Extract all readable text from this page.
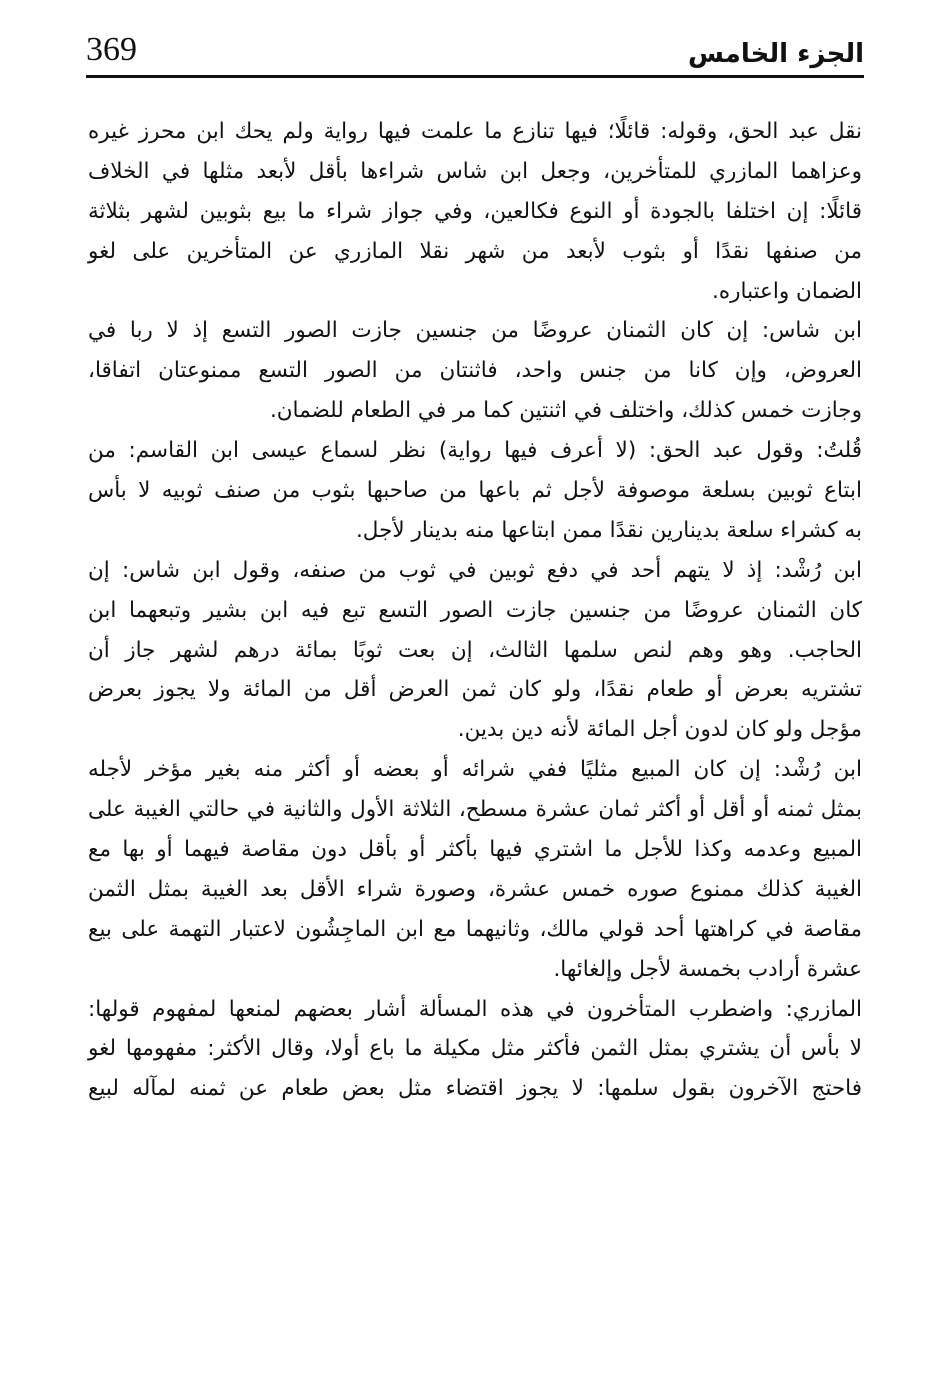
369	الجزء الخامس
نقل عبد الحق، وقوله: قائلًا؛ فيها تنازع ما علمت فيها رواية ولم يحك ابن محرز غيره
وعزاهما المازري للمتأخرين، وجعل ابن شاس شراءها بأقل لأبعد مثلها في الخلاف
قائلًا: إن اختلفا بالجودة أو النوع فكالعين، وفي جواز شراء ما بيع بثوبين لشهر بثلاثة
من صنفها نقدًا أو بثوب لأبعد من شهر نقلا المازري عن المتأخرين على لغو
الضمان واعتباره.
ابن شاس: إن كان الثمنان عروضًا من جنسين جازت الصور التسع إذ لا ربا في
العروض، وإن كانا من جنس واحد، فاثنتان من الصور التسع ممنوعتان اتفاقا،
وجازت خمس كذلك، واختلف في اثنتين كما مر في الطعام للضمان.
قُلتُ: وقول عبد الحق: (لا أعرف فيها رواية) نظر لسماع عيسى ابن القاسم: من
ابتاع ثوبين بسلعة موصوفة لأجل ثم باعها من صاحبها بثوب من صنف ثوبيه لا بأس
به كشراء سلعة بدينارين نقدًا ممن ابتاعها منه بدينار لأجل.
ابن رُشْد: إذ لا يتهم أحد في دفع ثوبين في ثوب من صنفه، وقول ابن شاس: إن
كان الثمنان عروضًا من جنسين جازت الصور التسع تبع فيه ابن بشير وتبعهما ابن
الحاجب. وهو وهم لنص سلمها الثالث، إن بعت ثوبًا بمائة درهم لشهر جاز أن
تشتريه بعرض أو طعام نقدًا، ولو كان ثمن العرض أقل من المائة ولا يجوز بعرض
مؤجل ولو كان لدون أجل المائة لأنه دين بدين.
ابن رُشْد: إن كان المبيع مثليًا ففي شرائه أو بعضه أو أكثر منه بغير مؤخر لأجله
بمثل ثمنه أو أقل أو أكثر ثمان عشرة مسطح، الثلاثة الأول والثانية في حالتي الغيبة على
المبيع وعدمه وكذا للأجل ما اشتري فيها بأكثر أو بأقل دون مقاصة فيهما أو بها مع
الغيبة كذلك ممنوع صوره خمس عشرة، وصورة شراء الأقل بعد الغيبة بمثل الثمن
مقاصة في كراهتها أحد قولي مالك، وثانيهما مع ابن الماجِشُون لاعتبار التهمة على بيع
عشرة أرادب بخمسة لأجل وإلغائها.
المازري: واضطرب المتأخرون في هذه المسألة أشار بعضهم لمنعها لمفهوم قولها:
لا بأس أن يشتري بمثل الثمن فأكثر مثل مكيلة ما باع أولا، وقال الأكثر: مفهومها لغو
فاحتج الآخرون بقول سلمها: لا يجوز اقتضاء مثل بعض طعام عن ثمنه لمآله لبيع
